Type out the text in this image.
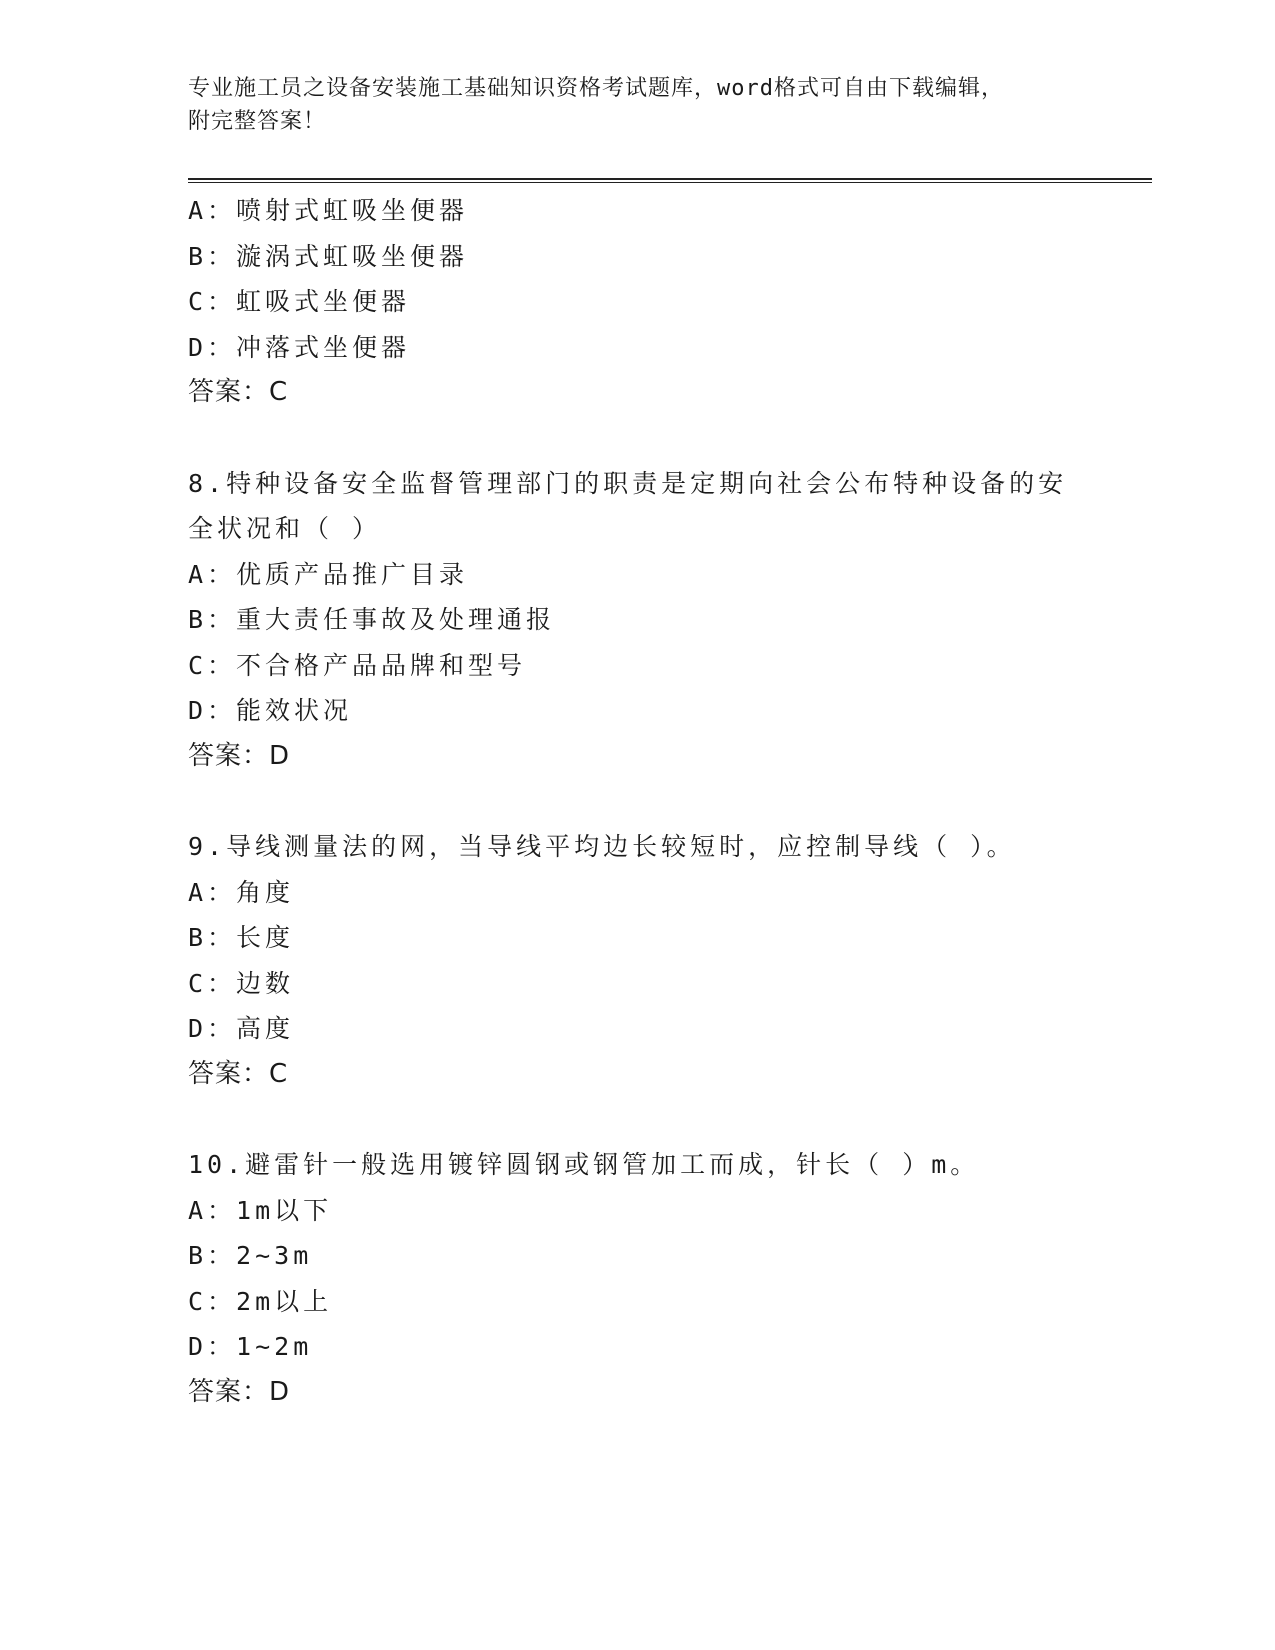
专业施工员之设备安装施工基础知识资格考试题库，word格式可自由下载编辑，
附完整答案！
A：喷射式虹吸坐便器
B：漩涡式虹吸坐便器
C：虹吸式坐便器
D：冲落式坐便器
答案：C
8.特种设备安全监督管理部门的职责是定期向社会公布特种设备的安
全状况和（ ）
A：优质产品推广目录
B：重大责任事故及处理通报
C：不合格产品品牌和型号
D：能效状况
答案：D
9.导线测量法的网，当导线平均边长较短时，应控制导线（ ）。
A：角度
B：长度
C：边数
D：高度
答案：C
10.避雷针一般选用镀锌圆钢或钢管加工而成，针长（ ）m。
A：1m以下
B：2~3m
C：2m以上
D：1~2m
答案：D
